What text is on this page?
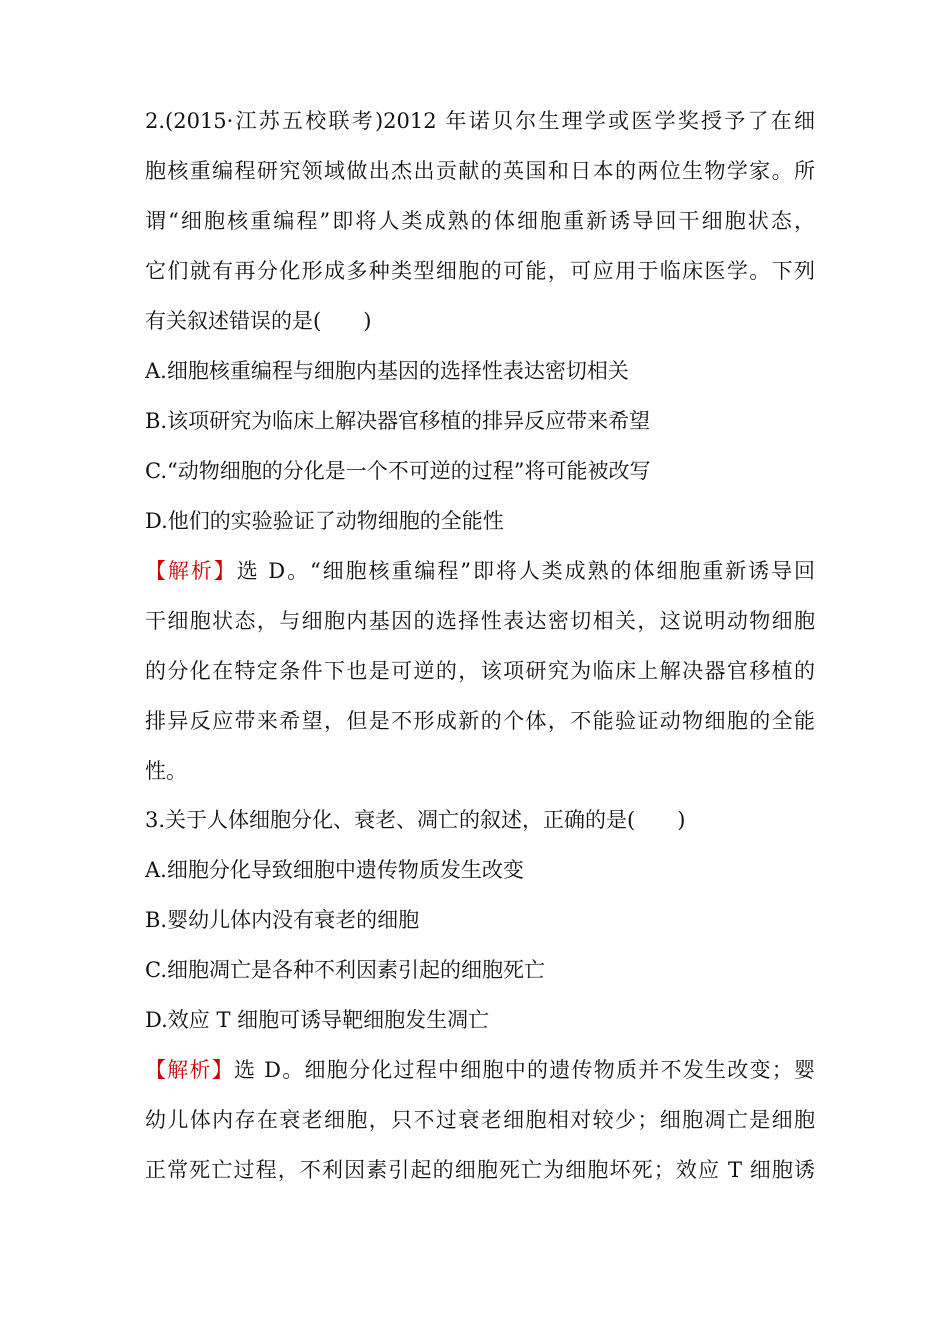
2.(2015·江苏五校联考)2012 年诺贝尔生理学或医学奖授予了在细
胞核重编程研究领域做出杰出贡献的英国和日本的两位生物学家。所
谓“细胞核重编程”即将人类成熟的体细胞重新诱导回干细胞状态，
它们就有再分化形成多种类型细胞的可能，可应用于临床医学。下列
有关叙述错误的是(　　)
A.细胞核重编程与细胞内基因的选择性表达密切相关
B.该项研究为临床上解决器官移植的排异反应带来希望
C.“动物细胞的分化是一个不可逆的过程”将可能被改写
D.他们的实验验证了动物细胞的全能性
【解析】选 D。“细胞核重编程”即将人类成熟的体细胞重新诱导回
干细胞状态，与细胞内基因的选择性表达密切相关，这说明动物细胞
的分化在特定条件下也是可逆的，该项研究为临床上解决器官移植的
排异反应带来希望，但是不形成新的个体，不能验证动物细胞的全能
性。
3.关于人体细胞分化、衰老、凋亡的叙述，正确的是(　　)
A.细胞分化导致细胞中遗传物质发生改变
B.婴幼儿体内没有衰老的细胞
C.细胞凋亡是各种不利因素引起的细胞死亡
D.效应 T 细胞可诱导靶细胞发生凋亡
【解析】选 D。细胞分化过程中细胞中的遗传物质并不发生改变；婴
幼儿体内存在衰老细胞，只不过衰老细胞相对较少；细胞凋亡是细胞
正常死亡过程，不利因素引起的细胞死亡为细胞坏死；效应 T 细胞诱
